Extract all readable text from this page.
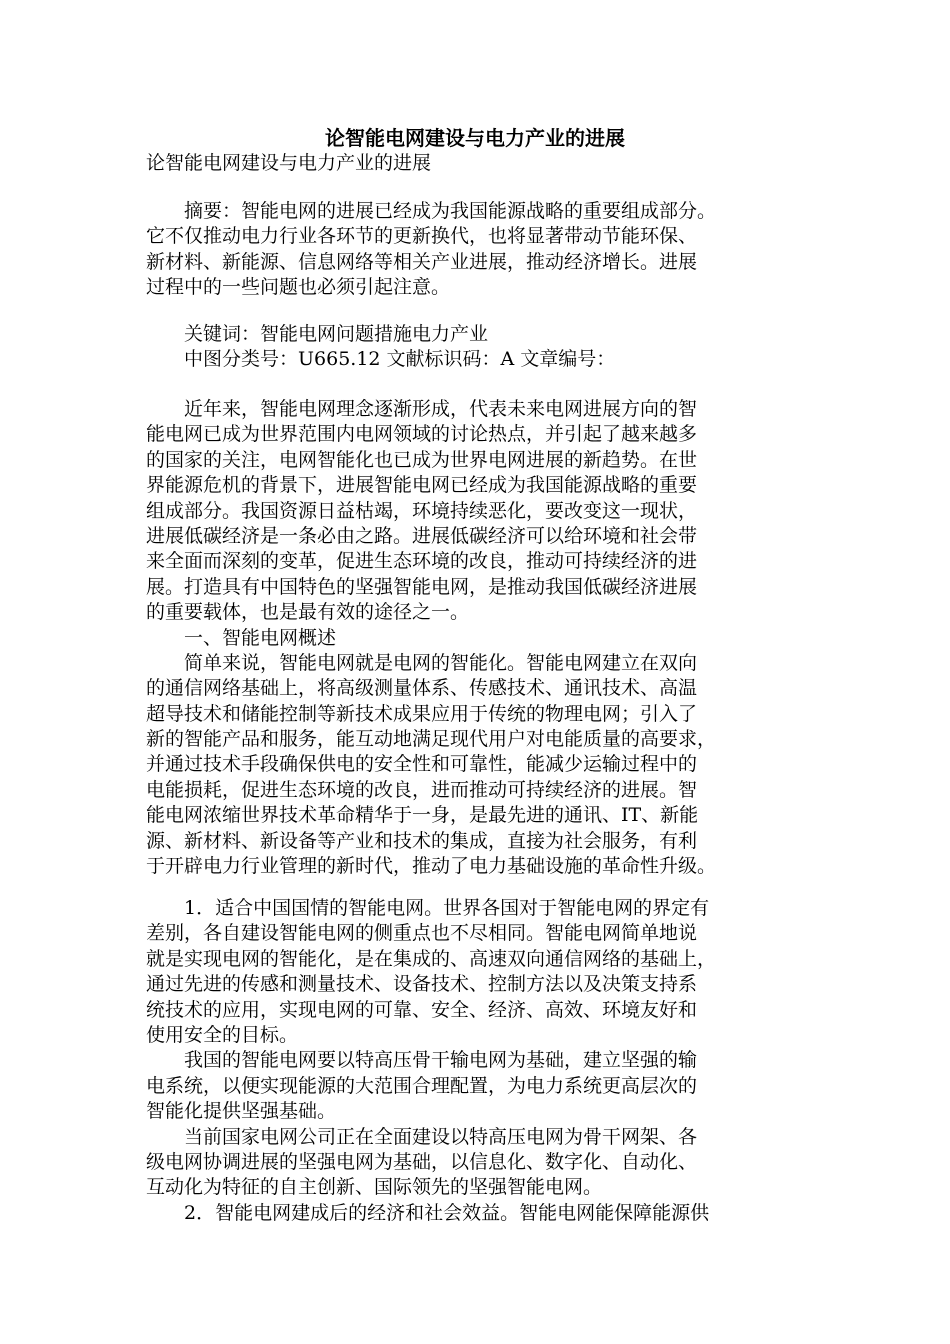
论智能电网建设与电力产业的进展
论智能电网建设与电力产业的进展
　　摘要：智能电网的进展已经成为我国能源战略的重要组成部分。
它不仅推动电力行业各环节的更新换代，也将显著带动节能环保、
新材料、新能源、信息网络等相关产业进展，推动经济增长。进展
过程中的一些问题也必须引起注意。
　　关键词：智能电网问题措施电力产业
　　中图分类号：U665.12 文献标识码：A 文章编号：
　　近年来，智能电网理念逐渐形成，代表未来电网进展方向的智
能电网已成为世界范围内电网领域的讨论热点，并引起了越来越多
的国家的关注，电网智能化也已成为世界电网进展的新趋势。在世
界能源危机的背景下，进展智能电网已经成为我国能源战略的重要
组成部分。我国资源日益枯竭，环境持续恶化，要改变这一现状，
进展低碳经济是一条必由之路。进展低碳经济可以给环境和社会带
来全面而深刻的变革，促进生态环境的改良，推动可持续经济的进
展。打造具有中国特色的坚强智能电网，是推动我国低碳经济进展
的重要载体，也是最有效的途径之一。
　　一、智能电网概述
　　简单来说，智能电网就是电网的智能化。智能电网建立在双向
的通信网络基础上，将高级测量体系、传感技术、通讯技术、高温
超导技术和储能控制等新技术成果应用于传统的物理电网；引入了
新的智能产品和服务，能互动地满足现代用户对电能质量的高要求，
并通过技术手段确保供电的安全性和可靠性，能减少运输过程中的
电能损耗，促进生态环境的改良，进而推动可持续经济的进展。智
能电网浓缩世界技术革命精华于一身，是最先进的通讯、IT、新能
源、新材料、新设备等产业和技术的集成，直接为社会服务，有利
于开辟电力行业管理的新时代，推动了电力基础设施的革命性升级。
　　1．适合中国国情的智能电网。世界各国对于智能电网的界定有
差别，各自建设智能电网的侧重点也不尽相同。智能电网简单地说
就是实现电网的智能化，是在集成的、高速双向通信网络的基础上，
通过先进的传感和测量技术、设备技术、控制方法以及决策支持系
统技术的应用，实现电网的可靠、安全、经济、高效、环境友好和
使用安全的目标。
　　我国的智能电网要以特高压骨干输电网为基础，建立坚强的输
电系统，以便实现能源的大范围合理配置，为电力系统更高层次的
智能化提供坚强基础。
　　当前国家电网公司正在全面建设以特高压电网为骨干网架、各
级电网协调进展的坚强电网为基础，以信息化、数字化、自动化、
互动化为特征的自主创新、国际领先的坚强智能电网。
　　2．智能电网建成后的经济和社会效益。智能电网能保障能源供
